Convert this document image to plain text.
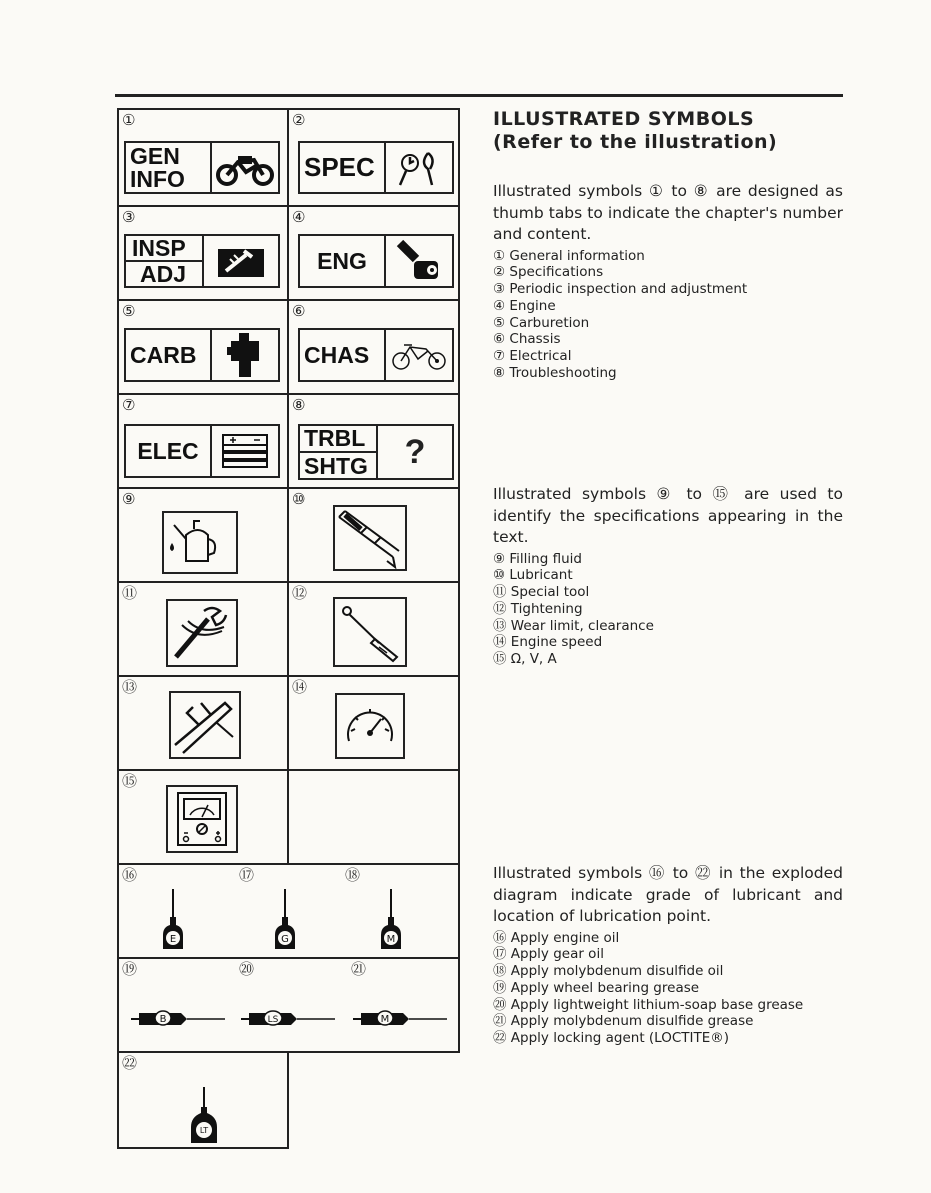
①
GEN
INFO
②
SPEC
③
INSP
ADJ
④
ENG
⑤
CARB
⑥
CHAS
⑦
ELEC
⑧
TRBL
SHTG	?
⑨	⑩
⑪	⑫
⑬	⑭
⑮
⑯	⑰	⑱
E	G	M
⑲	⑳	㉑
B	LS	M
㉒
LT
ILLUSTRATED SYMBOLS
(Refer to the illustration)

Illustrated symbols ① to ⑧ are designed as thumb tabs to indicate the chapter's number and content.

① General information
② Specifications
③ Periodic inspection and adjustment
④ Engine
⑤ Carburetion
⑥ Chassis
⑦ Electrical
⑧ Troubleshooting

Illustrated symbols ⑨ to ⑮ are used to identify the specifications appearing in the text.

⑨ Filling fluid
⑩ Lubricant
⑪ Special tool
⑫ Tightening
⑬ Wear limit, clearance
⑭ Engine speed
⑮ Ω, V, A

Illustrated symbols ⑯ to ㉒ in the exploded diagram indicate grade of lubricant and location of lubrication point.

⑯ Apply engine oil
⑰ Apply gear oil
⑱ Apply molybdenum disulfide oil
⑲ Apply wheel bearing grease
⑳ Apply lightweight lithium-soap base grease
㉑ Apply molybdenum disulfide grease
㉒ Apply locking agent (LOCTITE®)
